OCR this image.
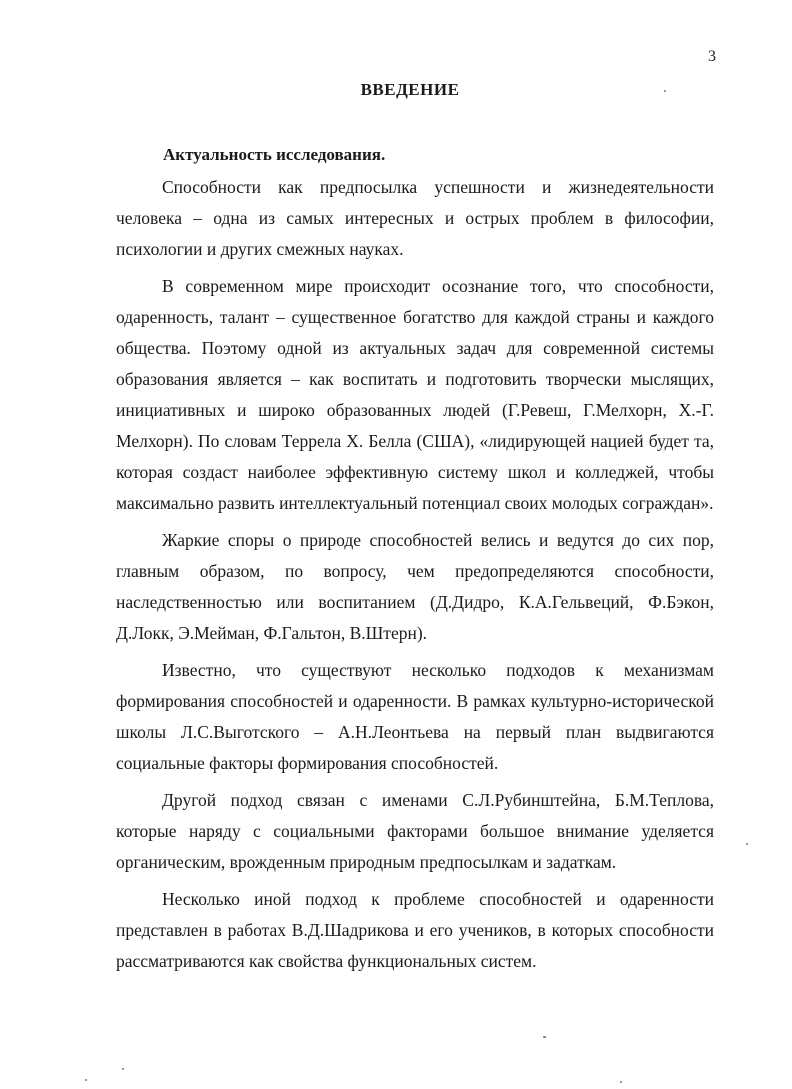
3
ВВЕДЕНИЕ
Актуальность исследования.

Способности как предпосылка успешности и жизнедеятельности человека – одна из самых интересных и острых проблем в философии, психологии и других смежных науках.

В современном мире происходит осознание того, что способности, одаренность, талант – существенное богатство для каждой страны и каждого общества. Поэтому одной из актуальных задач для современной системы образования является – как воспитать и подготовить творчески мыслящих, инициативных и широко образованных людей (Г.Ревеш, Г.Мелхорн, Х.-Г. Мелхорн). По словам Террела Х. Белла (США), «лидирующей нацией будет та, которая создаст наиболее эффективную систему школ и колледжей, чтобы максимально развить интеллектуальный потенциал своих молодых сограждан».

Жаркие споры о природе способностей велись и ведутся до сих пор, главным образом, по вопросу, чем предопределяются способности, наследственностью или воспитанием (Д.Дидро, К.А.Гельвеций, Ф.Бэкон, Д.Локк, Э.Мейман, Ф.Гальтон, В.Штерн).

Известно, что существуют несколько подходов к механизмам формирования способностей и одаренности. В рамках культурно-исторической школы Л.С.Выготского – А.Н.Леонтьева на первый план выдвигаются социальные факторы формирования способностей.

Другой подход связан с именами С.Л.Рубинштейна, Б.М.Теплова, которые наряду с социальными факторами большое внимание уделяется органическим, врожденным природным предпосылкам и задаткам.

Несколько иной подход к проблеме способностей и одаренности представлен в работах В.Д.Шадрикова и его учеников, в которых способности рассматриваются как свойства функциональных систем.
